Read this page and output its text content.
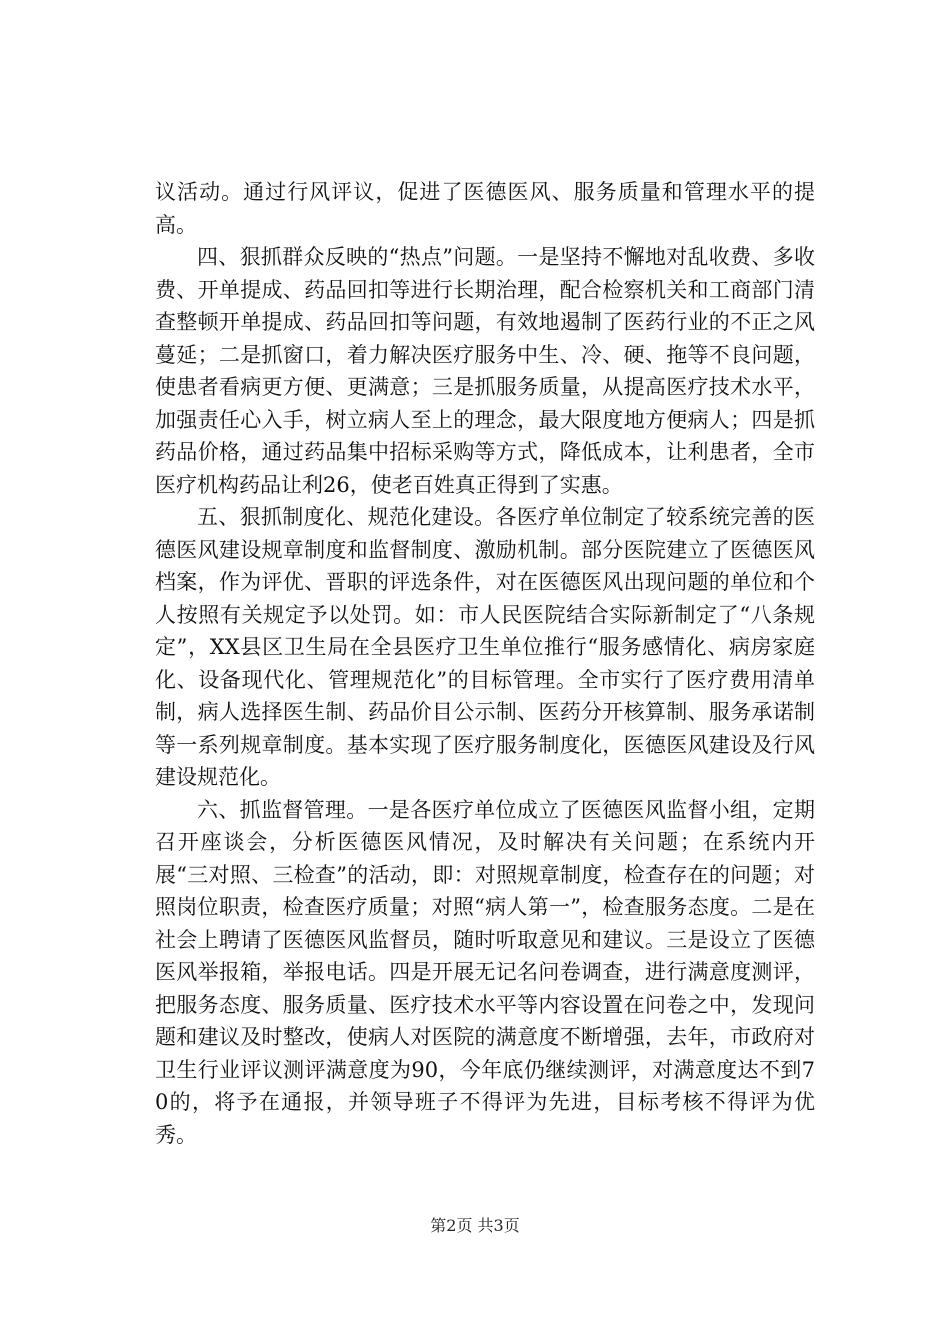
议活动。通过行风评议，促进了医德医风、服务质量和管理水平的提高。

四、狠抓群众反映的“热点”问题。一是坚持不懈地对乱收费、多收费、开单提成、药品回扣等进行长期治理，配合检察机关和工商部门清查整顿开单提成、药品回扣等问题，有效地遏制了医药行业的不正之风蔓延；二是抓窗口，着力解决医疗服务中生、冷、硬、拖等不良问题，使患者看病更方便、更满意；三是抓服务质量，从提高医疗技术水平，加强责任心入手，树立病人至上的理念，最大限度地方便病人；四是抓药品价格，通过药品集中招标采购等方式，降低成本，让利患者，全市医疗机构药品让利26，使老百姓真正得到了实惠。

五、狠抓制度化、规范化建设。各医疗单位制定了较系统完善的医德医风建设规章制度和监督制度、激励机制。部分医院建立了医德医风档案，作为评优、晋职的评选条件，对在医德医风出现问题的单位和个人按照有关规定予以处罚。如：市人民医院结合实际新制定了“八条规定”，XX县区卫生局在全县医疗卫生单位推行“服务感情化、病房家庭化、设备现代化、管理规范化”的目标管理。全市实行了医疗费用清单制，病人选择医生制、药品价目公示制、医药分开核算制、服务承诺制等一系列规章制度。基本实现了医疗服务制度化，医德医风建设及行风建设规范化。

六、抓监督管理。一是各医疗单位成立了医德医风监督小组，定期召开座谈会，分析医德医风情况，及时解决有关问题；在系统内开展“三对照、三检查”的活动，即：对照规章制度，检查存在的问题；对照岗位职责，检查医疗质量；对照“病人第一”，检查服务态度。二是在社会上聘请了医德医风监督员，随时听取意见和建议。三是设立了医德医风举报箱，举报电话。四是开展无记名问卷调查，进行满意度测评，把服务态度、服务质量、医疗技术水平等内容设置在问卷之中，发现问题和建议及时整改，使病人对医院的满意度不断增强，去年，市政府对卫生行业评议测评满意度为90，今年底仍继续测评，对满意度达不到70的，将予在通报，并领导班子不得评为先进，目标考核不得评为优秀。

第2页 共3页
